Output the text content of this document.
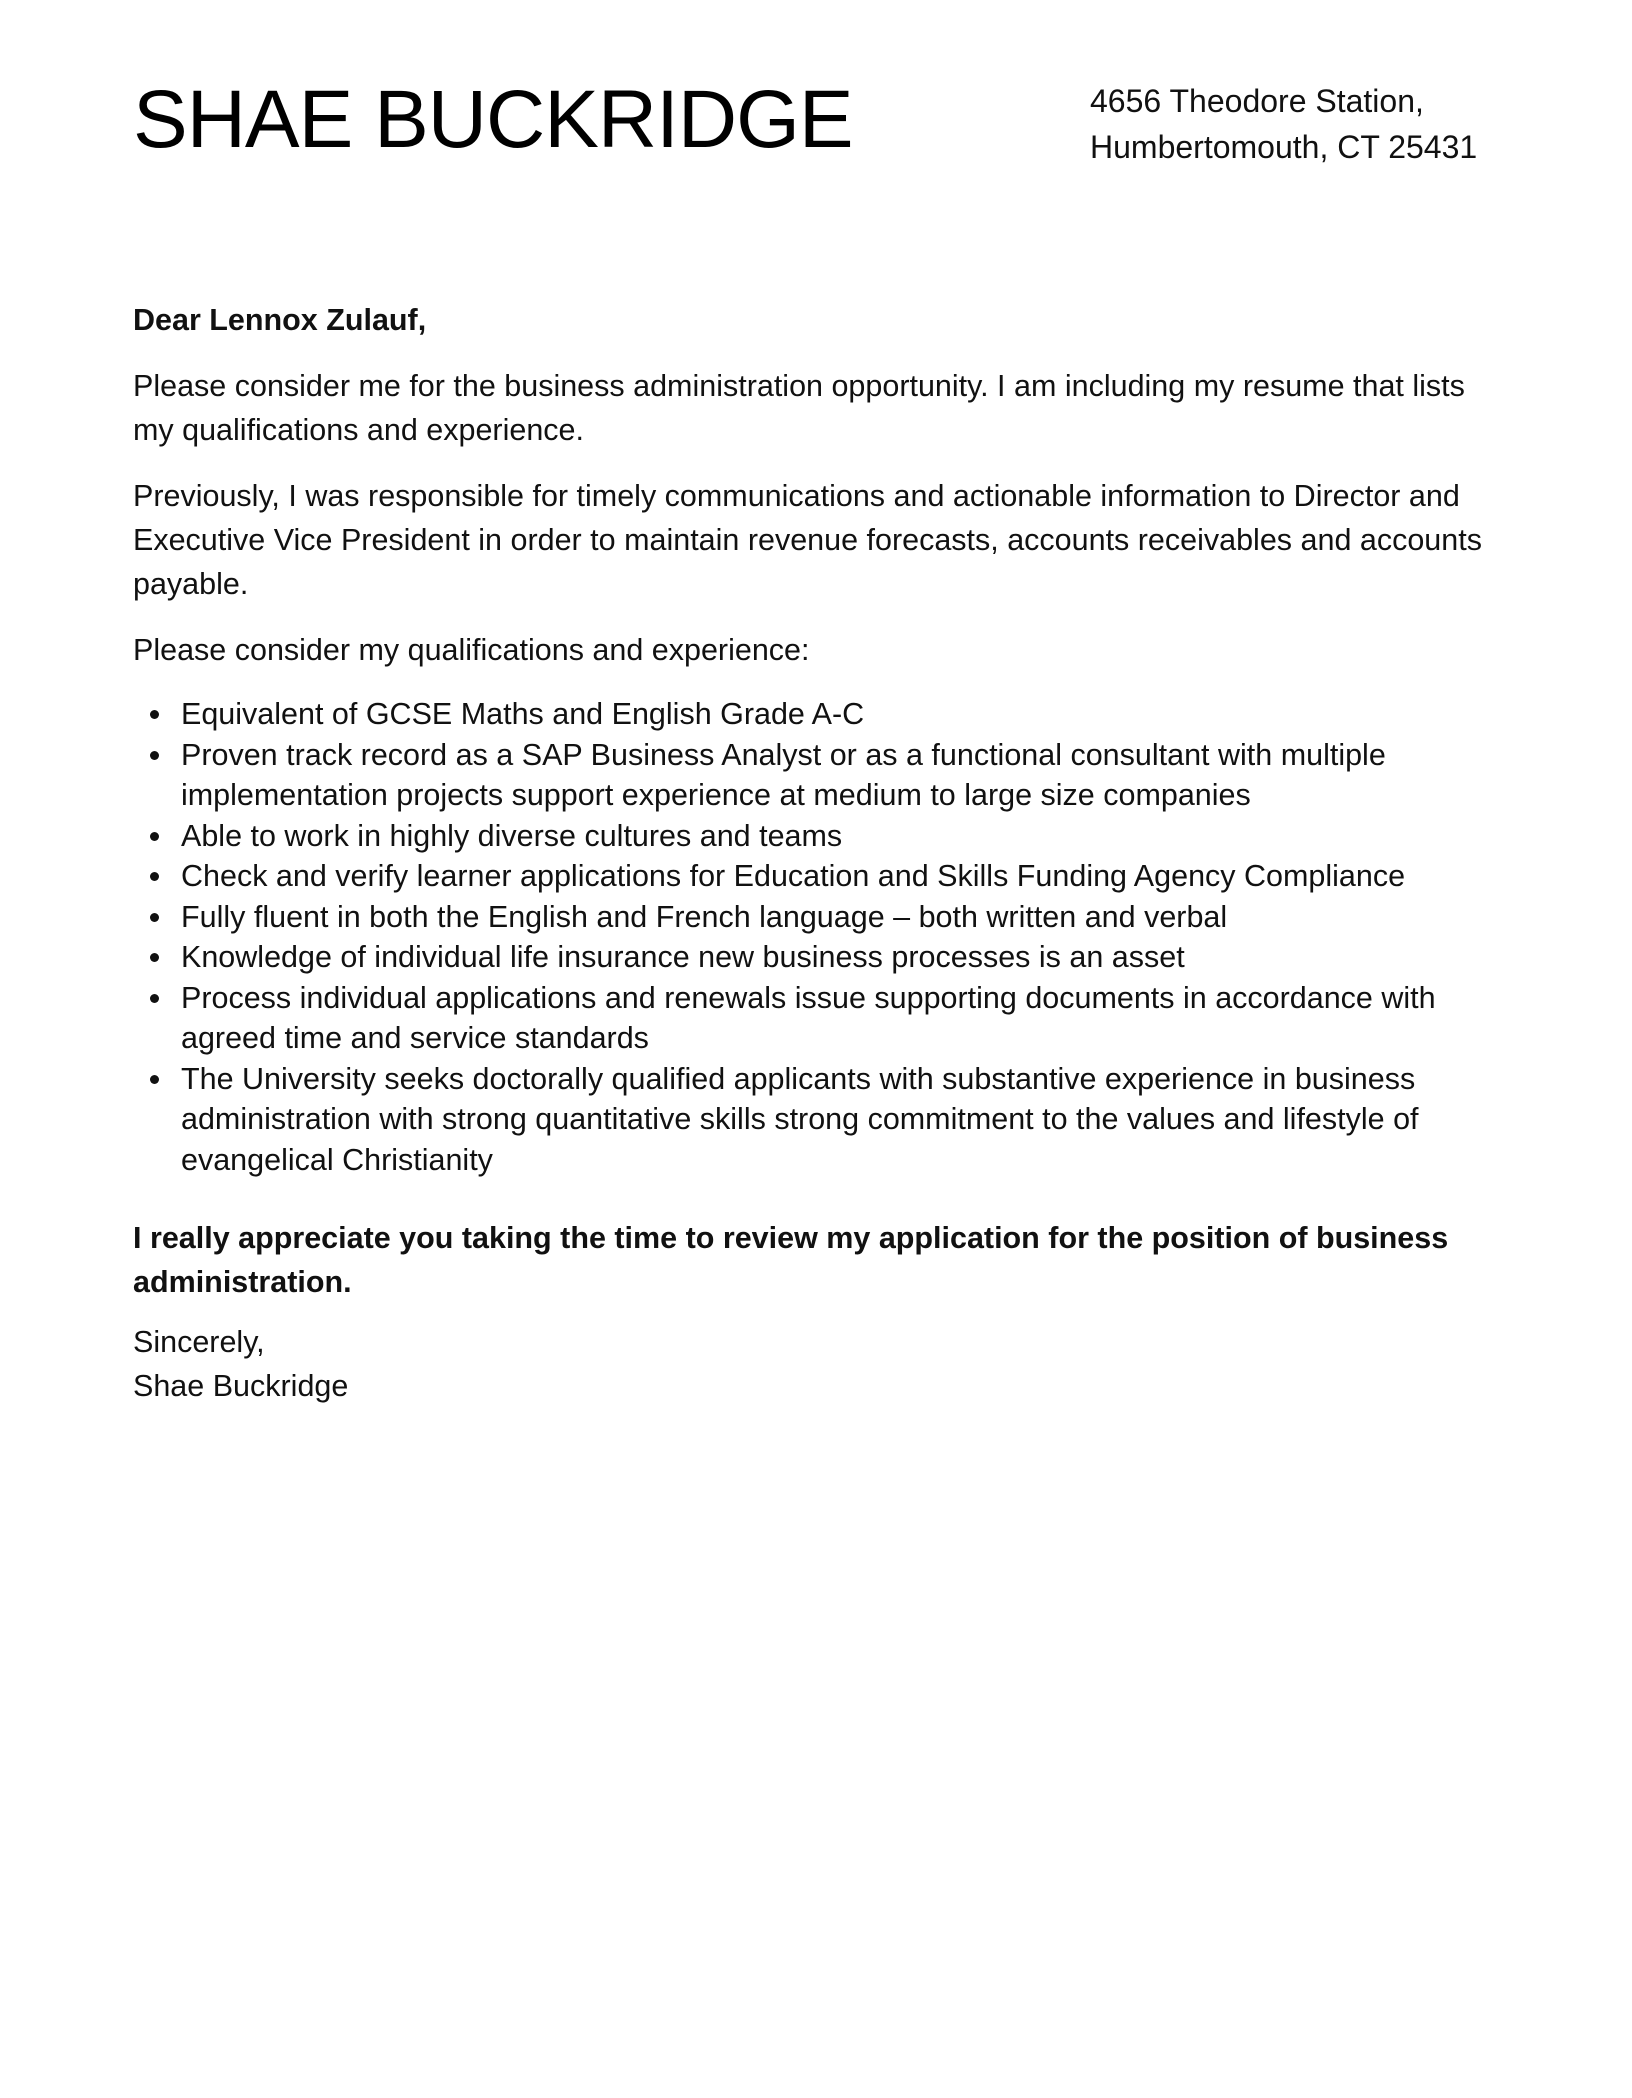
SHAE BUCKRIDGE	4656 Theodore Station,
Humbertomouth, CT 25431

Dear Lennox Zulauf,

Please consider me for the business administration opportunity. I am including my resume that lists my qualifications and experience.

Previously, I was responsible for timely communications and actionable information to Director and Executive Vice President in order to maintain revenue forecasts, accounts receivables and accounts payable.

Please consider my qualifications and experience:

Equivalent of GCSE Maths and English Grade A-C
Proven track record as a SAP Business Analyst or as a functional consultant with multiple implementation projects support experience at medium to large size companies
Able to work in highly diverse cultures and teams
Check and verify learner applications for Education and Skills Funding Agency Compliance
Fully fluent in both the English and French language – both written and verbal
Knowledge of individual life insurance new business processes is an asset
Process individual applications and renewals issue supporting documents in accordance with agreed time and service standards
The University seeks doctorally qualified applicants with substantive experience in business administration with strong quantitative skills strong commitment to the values and lifestyle of evangelical Christianity

I really appreciate you taking the time to review my application for the position of business administration.

Sincerely,

Shae Buckridge
